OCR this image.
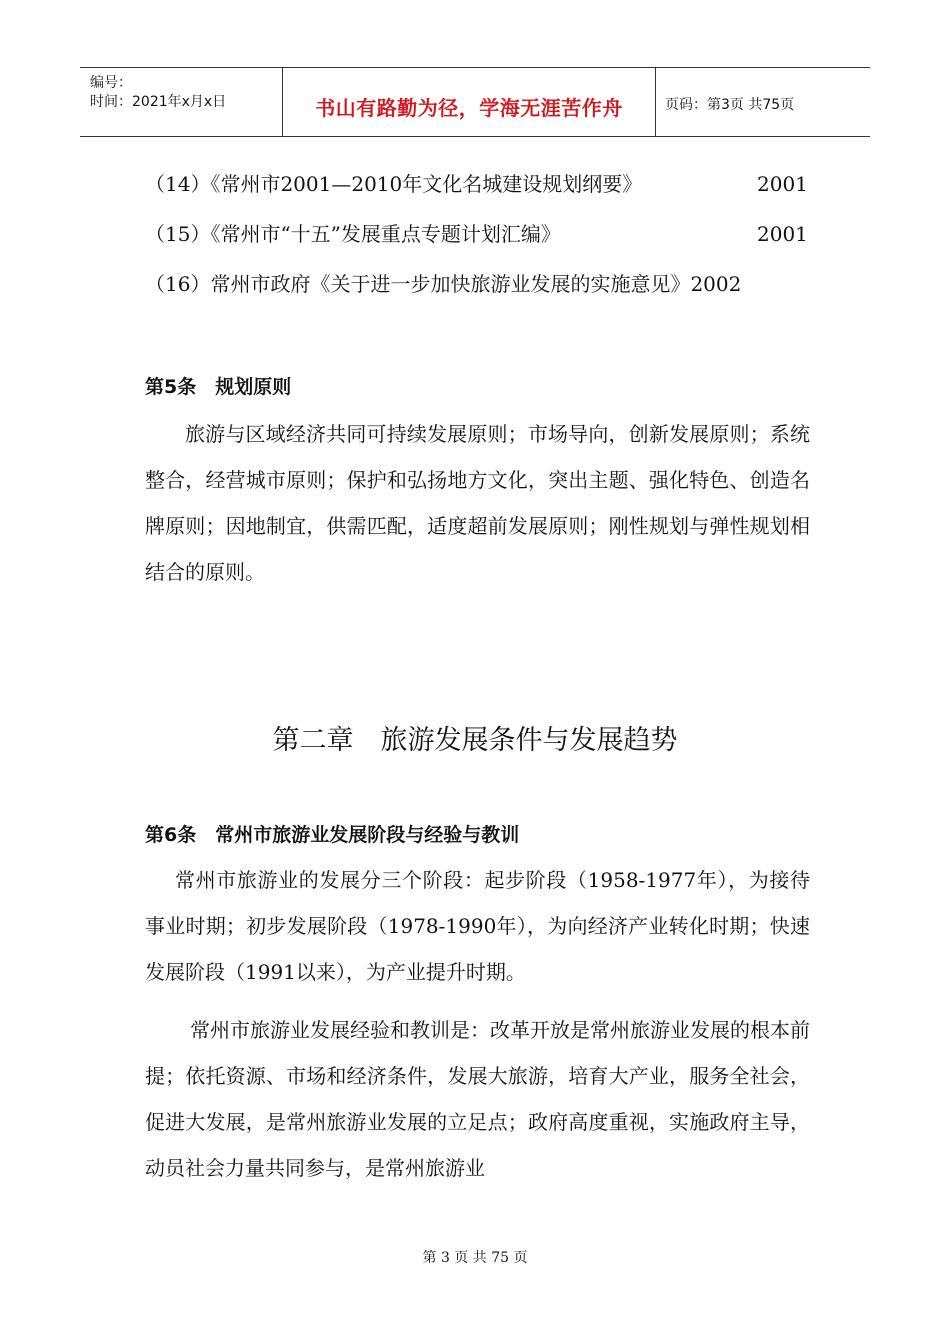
编号：
时间：2021年x月x日	书山有路勤为径，学海无涯苦作舟	页码：第3页 共75页
（14）《常州市2001—2010年文化名城建设规划纲要》	2001
（15）《常州市“十五”发展重点专题计划汇编》	2001
（16）常州市政府《关于进一步加快旅游业发展的实施意见》2002
第5条　规划原则
旅游与区域经济共同可持续发展原则；市场导向，创新发展原则；系统整合，经营城市原则；保护和弘扬地方文化，突出主题、强化特色、创造名牌原则；因地制宜，供需匹配，适度超前发展原则；刚性规划与弹性规划相结合的原则。
第二章　旅游发展条件与发展趋势
第6条　常州市旅游业发展阶段与经验与教训
常州市旅游业的发展分三个阶段：起步阶段（1958-1977年），为接待事业时期；初步发展阶段（1978-1990年），为向经济产业转化时期；快速发展阶段（1991以来），为产业提升时期。
常州市旅游业发展经验和教训是：改革开放是常州旅游业发展的根本前提；依托资源、市场和经济条件，发展大旅游，培育大产业，服务全社会，促进大发展，是常州旅游业发展的立足点；政府高度重视，实施政府主导，动员社会力量共同参与，是常州旅游业
第 3 页 共 75 页
